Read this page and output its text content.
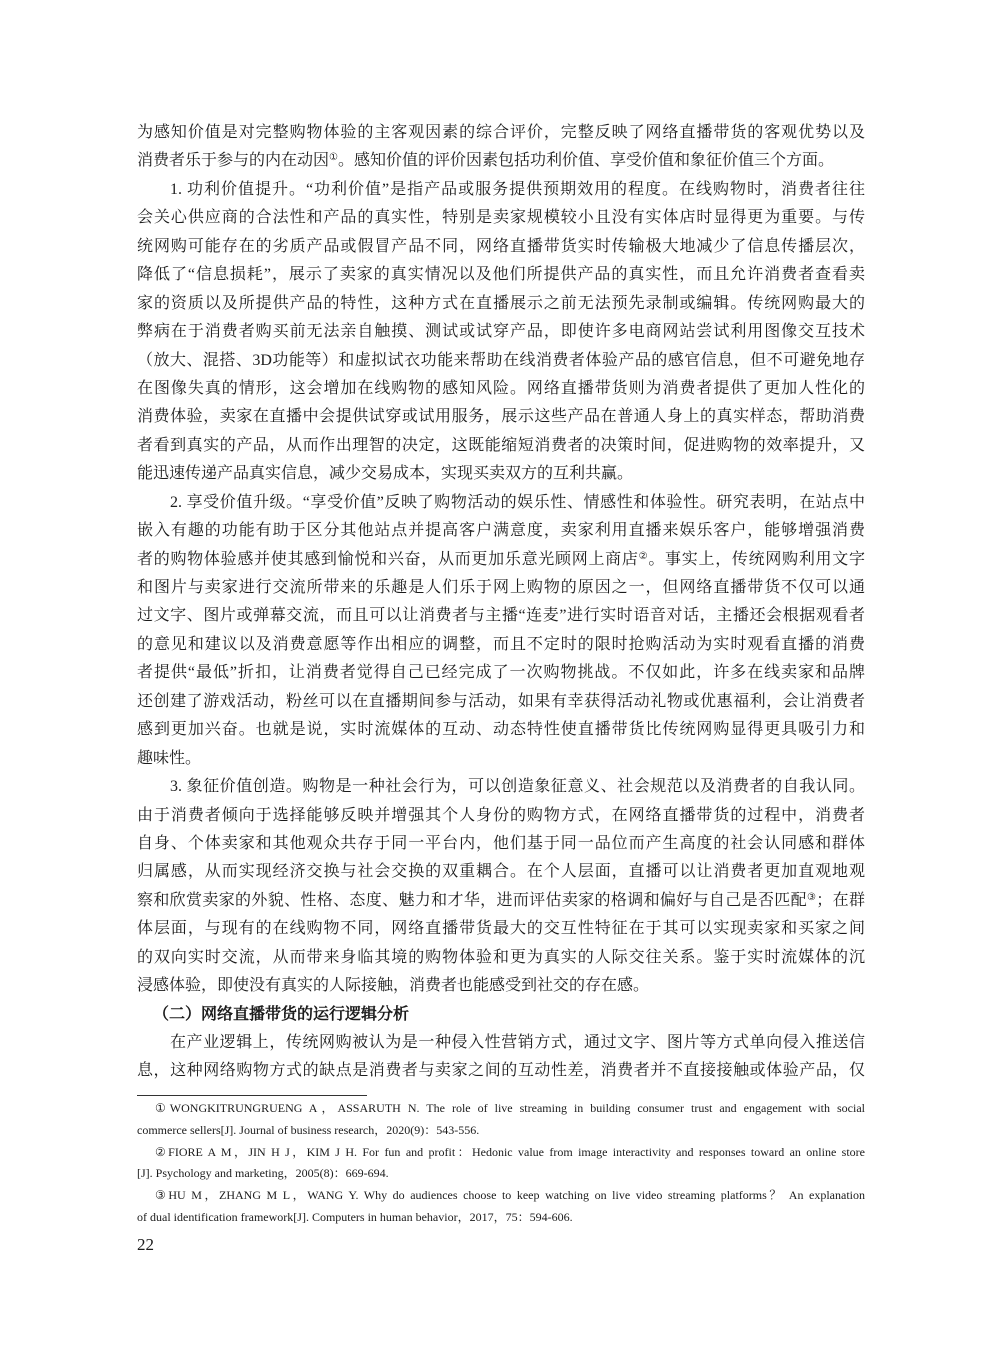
为感知价值是对完整购物体验的主客观因素的综合评价，完整反映了网络直播带货的客观优势以及
消费者乐于参与的内在动因①。感知价值的评价因素包括功利价值、享受价值和象征价值三个方面。
1. 功利价值提升。“功利价值”是指产品或服务提供预期效用的程度。在线购物时，消费者往往
会关心供应商的合法性和产品的真实性，特别是卖家规模较小且没有实体店时显得更为重要。与传
统网购可能存在的劣质产品或假冒产品不同，网络直播带货实时传输极大地减少了信息传播层次，
降低了“信息损耗”，展示了卖家的真实情况以及他们所提供产品的真实性，而且允许消费者查看卖
家的资质以及所提供产品的特性，这种方式在直播展示之前无法预先录制或编辑。传统网购最大的
弊病在于消费者购买前无法亲自触摸、测试或试穿产品，即使许多电商网站尝试利用图像交互技术
（放大、混搭、3D功能等）和虚拟试衣功能来帮助在线消费者体验产品的感官信息，但不可避免地存
在图像失真的情形，这会增加在线购物的感知风险。网络直播带货则为消费者提供了更加人性化的
消费体验，卖家在直播中会提供试穿或试用服务，展示这些产品在普通人身上的真实样态，帮助消费
者看到真实的产品，从而作出理智的决定，这既能缩短消费者的决策时间，促进购物的效率提升，又
能迅速传递产品真实信息，减少交易成本，实现买卖双方的互利共赢。
2. 享受价值升级。“享受价值”反映了购物活动的娱乐性、情感性和体验性。研究表明，在站点中
嵌入有趣的功能有助于区分其他站点并提高客户满意度，卖家利用直播来娱乐客户，能够增强消费
者的购物体验感并使其感到愉悦和兴奋，从而更加乐意光顾网上商店②。事实上，传统网购利用文字
和图片与卖家进行交流所带来的乐趣是人们乐于网上购物的原因之一，但网络直播带货不仅可以通
过文字、图片或弹幕交流，而且可以让消费者与主播“连麦”进行实时语音对话，主播还会根据观看者
的意见和建议以及消费意愿等作出相应的调整，而且不定时的限时抢购活动为实时观看直播的消费
者提供“最低”折扣，让消费者觉得自己已经完成了一次购物挑战。不仅如此，许多在线卖家和品牌
还创建了游戏活动，粉丝可以在直播期间参与活动，如果有幸获得活动礼物或优惠福利，会让消费者
感到更加兴奋。也就是说，实时流媒体的互动、动态特性使直播带货比传统网购显得更具吸引力和
趣味性。
3. 象征价值创造。购物是一种社会行为，可以创造象征意义、社会规范以及消费者的自我认同。
由于消费者倾向于选择能够反映并增强其个人身份的购物方式，在网络直播带货的过程中，消费者
自身、个体卖家和其他观众共存于同一平台内，他们基于同一品位而产生高度的社会认同感和群体
归属感，从而实现经济交换与社会交换的双重耦合。在个人层面，直播可以让消费者更加直观地观
察和欣赏卖家的外貌、性格、态度、魅力和才华，进而评估卖家的格调和偏好与自己是否匹配③；在群
体层面，与现有的在线购物不同，网络直播带货最大的交互性特征在于其可以实现卖家和买家之间
的双向实时交流，从而带来身临其境的购物体验和更为真实的人际交往关系。鉴于实时流媒体的沉
浸感体验，即使没有真实的人际接触，消费者也能感受到社交的存在感。
（二）网络直播带货的运行逻辑分析
在产业逻辑上，传统网购被认为是一种侵入性营销方式，通过文字、图片等方式单向侵入推送信
息，这种网络购物方式的缺点是消费者与卖家之间的互动性差，消费者并不直接接触或体验产品，仅
①WONGKITRUNGRUENG A，ASSARUTH N. The role of live streaming in building consumer trust and engagement with social
commerce sellers[J]. Journal of business research，2020(9)：543-556.
②FIORE A M，JIN H J，KIM J H. For fun and profit：Hedonic value from image interactivity and responses toward an online store
[J]. Psychology and marketing，2005(8)：669-694.
③HU M，ZHANG M L，WANG Y. Why do audiences choose to keep watching on live video streaming platforms？ An explanation
of dual identification framework[J]. Computers in human behavior，2017，75：594-606.
22
